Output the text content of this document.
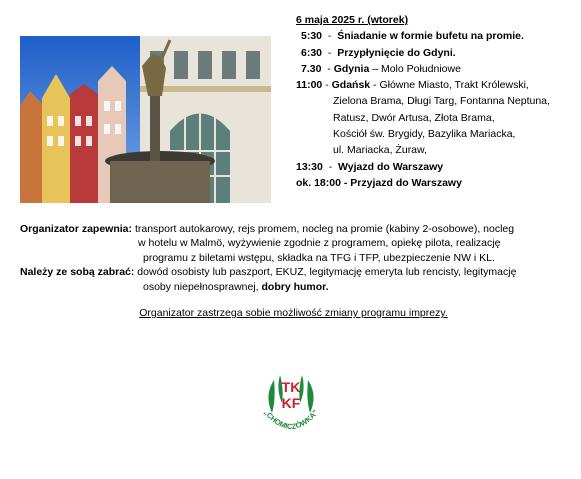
6 maja 2025 r. (wtorek)
5:30 - Śniadanie w formie bufetu na promie.
6:30 - Przypłynięcie do Gdyni.
7.30 - Gdynia – Molo Południowe
11:00 - Gdańsk - Główne Miasto, Trakt Królewski,
Zielona Brama, Długi Targ, Fontanna Neptuna,
Ratusz, Dwór Artusa, Złota Brama,
Kościół św. Brygidy, Bazylika Mariacka,
ul. Mariacka, Żuraw,
13:30 - Wyjazd do Warszawy
ok. 18:00 - Przyjazd do Warszawy
Organizator zapewnia: transport autokarowy, rejs promem, nocleg na promie (kabiny 2-osobowe), nocleg
w hotelu w Malmö, wyżywienie zgodnie z programem, opiekę pilota, realizację
programu z biletami wstępu, składka na TFG i TFP, ubezpieczenie NW i KL.
Należy ze sobą zabrać: dowód osobisty lub paszport, EKUZ, legitymację emeryta lub rencisty, legitymację
osoby niepełnosprawnej, dobry humor.
Organizator zastrzega sobie możliwość zmiany programu imprezy.
TK
KF
„CHOMICZÓWKA"
